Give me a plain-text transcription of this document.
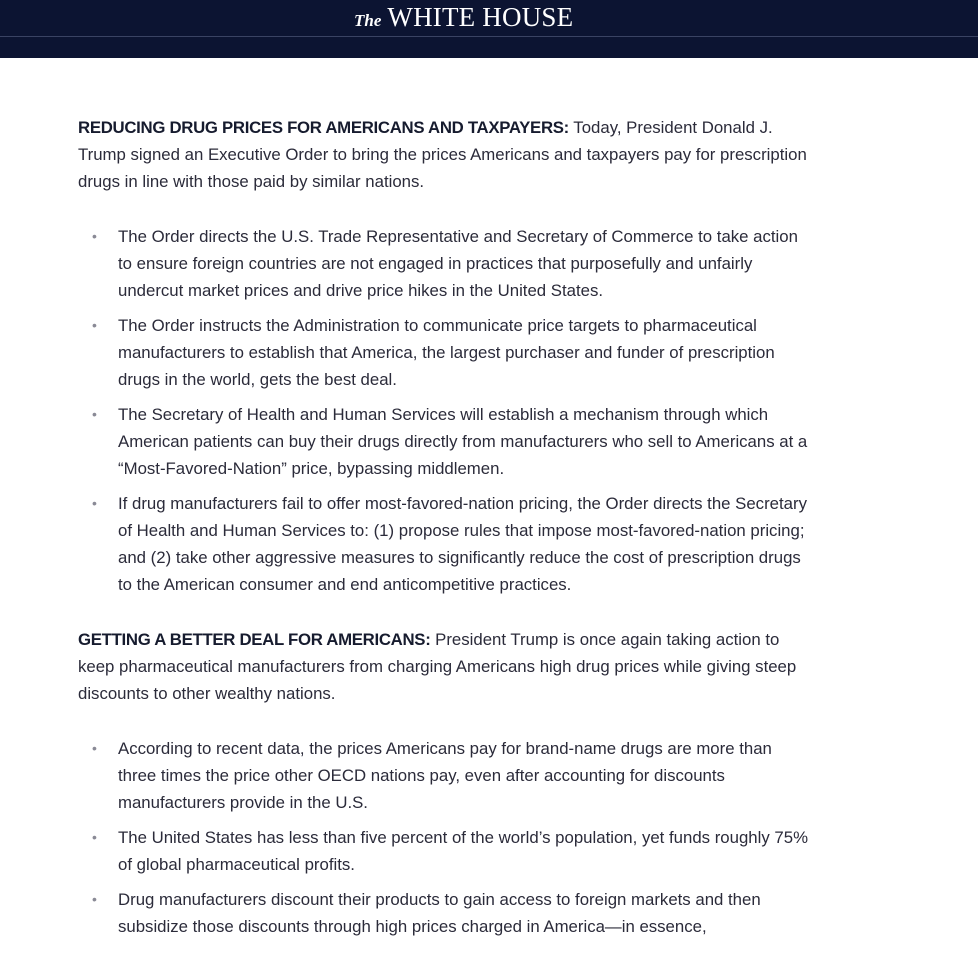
The WHITE HOUSE

REDUCING DRUG PRICES FOR AMERICANS AND TAXPAYERS: Today, President Donald J. Trump signed an Executive Order to bring the prices Americans and taxpayers pay for prescription drugs in line with those paid by similar nations.

• The Order directs the U.S. Trade Representative and Secretary of Commerce to take action to ensure foreign countries are not engaged in practices that purposefully and unfairly undercut market prices and drive price hikes in the United States.
• The Order instructs the Administration to communicate price targets to pharmaceutical manufacturers to establish that America, the largest purchaser and funder of prescription drugs in the world, gets the best deal.
• The Secretary of Health and Human Services will establish a mechanism through which American patients can buy their drugs directly from manufacturers who sell to Americans at a “Most-Favored-Nation” price, bypassing middlemen.
• If drug manufacturers fail to offer most-favored-nation pricing, the Order directs the Secretary of Health and Human Services to: (1) propose rules that impose most-favored-nation pricing; and (2) take other aggressive measures to significantly reduce the cost of prescription drugs to the American consumer and end anticompetitive practices.

GETTING A BETTER DEAL FOR AMERICANS: President Trump is once again taking action to keep pharmaceutical manufacturers from charging Americans high drug prices while giving steep discounts to other wealthy nations.

• According to recent data, the prices Americans pay for brand-name drugs are more than three times the price other OECD nations pay, even after accounting for discounts manufacturers provide in the U.S.
• The United States has less than five percent of the world’s population, yet funds roughly 75% of global pharmaceutical profits.
• Drug manufacturers discount their products to gain access to foreign markets and then subsidize those discounts through high prices charged in America—in essence,
